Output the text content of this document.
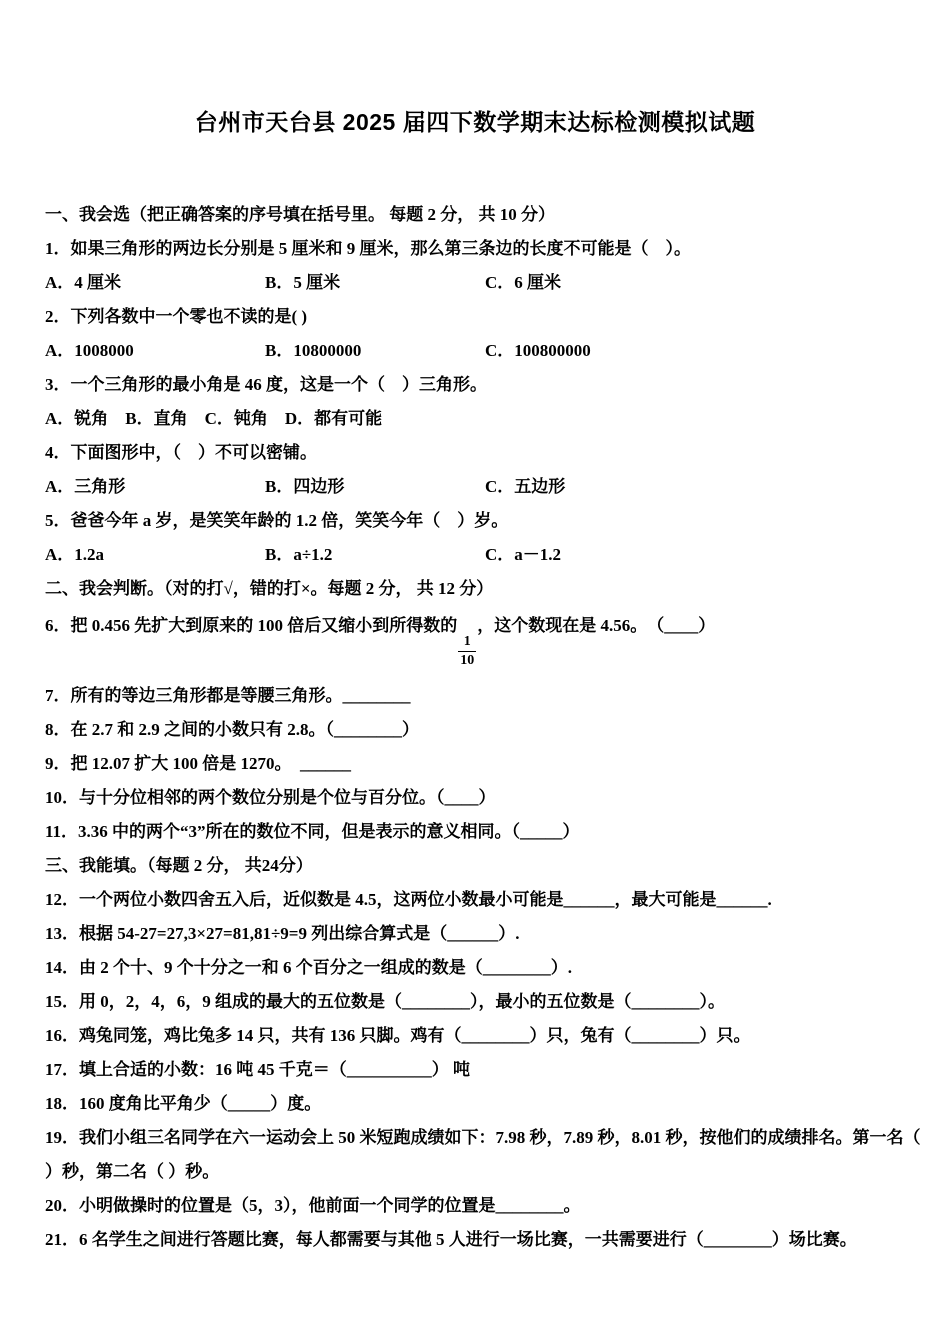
台州市天台县 2025 届四下数学期末达标检测模拟试题
一、我会选（把正确答案的序号填在括号里。 每题 2 分， 共 10 分）
1．如果三角形的两边长分别是 5 厘米和 9 厘米，那么第三条边的长度不可能是（　）。
A．4 厘米	B．5 厘米	C．6 厘米
2．下列各数中一个零也不读的是( )
A．1008000	B．10800000	C．100800000
3．一个三角形的最小角是 46 度，这是一个（　）三角形。
A．锐角　B．直角　C．钝角　D．都有可能
4．下面图形中，（　）不可以密铺。
A．三角形	B．四边形	C．五边形
5．爸爸今年 a 岁，是笑笑年龄的 1.2 倍，笑笑今年（　）岁。
A．1.2a	B．a÷1.2	C．a－1.2
二、我会判断。（对的打√，错的打×。每题 2 分， 共 12 分）
6．把 0.456 先扩大到原来的 100 倍后又缩小到所得数的
$\frac{1}{10}$
，这个数现在是 4.56。　（____）
7．所有的等边三角形都是等腰三角形。________
8．在 2.7 和 2.9 之间的小数只有 2.8。（________）
9．把 12.07 扩大 100 倍是 1270。　______
10．与十分位相邻的两个数位分别是个位与百分位。（____）
11．3.36 中的两个“3”所在的数位不同，但是表示的意义相同。（_____）
三、我能填。（每题 2 分， 共24分）
12．一个两位小数四舍五入后，近似数是 4.5，这两位小数最小可能是______，最大可能是______.
13．根据 54-27=27,3×27=81,81÷9=9 列出综合算式是（______）.
14．由 2 个十、9 个十分之一和 6 个百分之一组成的数是（________）.
15．用 0，2，4，6，9 组成的最大的五位数是（________），最小的五位数是（________）。
16．鸡兔同笼，鸡比兔多 14 只，共有 136 只脚。鸡有（________）只，兔有（________）只。
17．填上合适的小数：16 吨 45 千克＝（__________） 吨
18．160 度角比平角少（_____）度。
19．我们小组三名同学在六一运动会上 50 米短跑成绩如下：7.98 秒，7.89 秒，8.01 秒，按他们的成绩排名。第一名（ ）秒，第二名（ ）秒。
20．小明做操时的位置是（5，3），他前面一个同学的位置是________。
21．6 名学生之间进行答题比赛，每人都需要与其他 5 人进行一场比赛，一共需要进行（________）场比赛。
